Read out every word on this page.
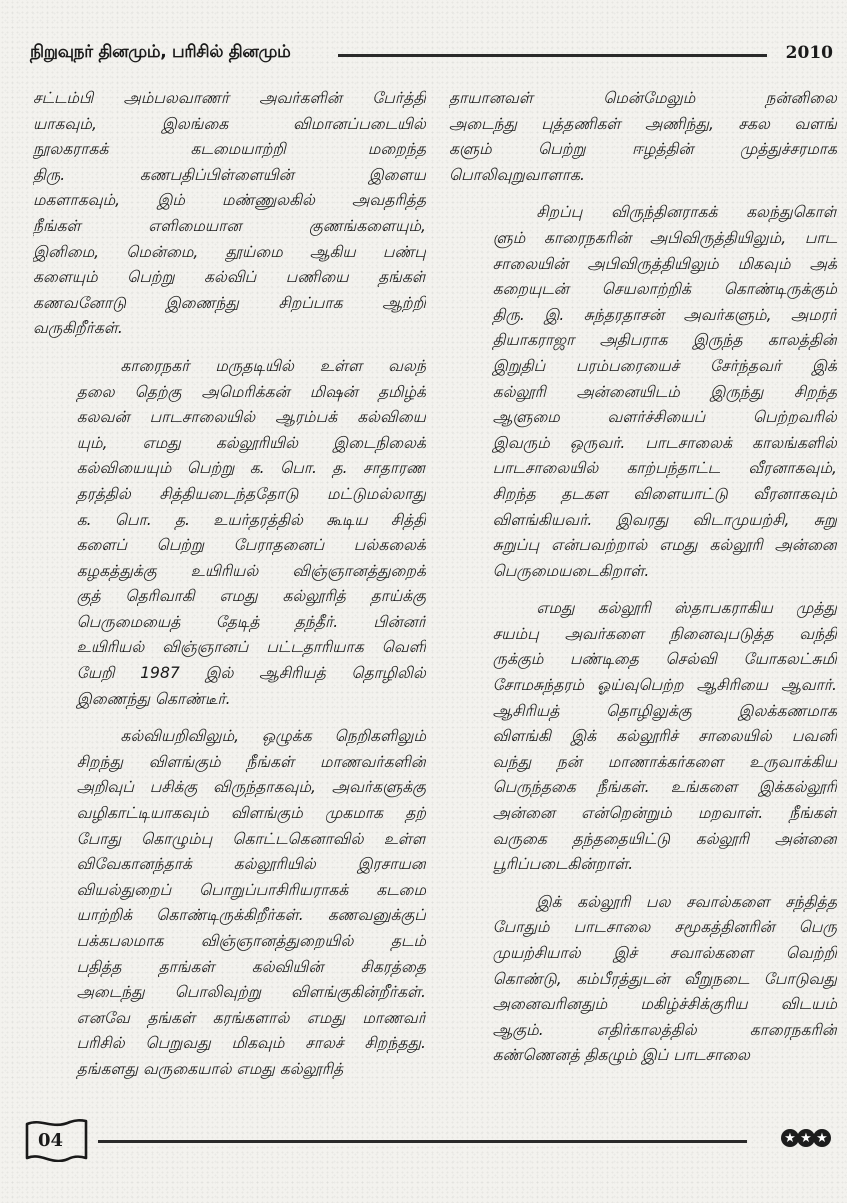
நிறுவுநர் தினமும், பரிசில் தினமும்	2010
சட்டம்பி அம்பலவாணர் அவர்களின் பேர்த்தி
யாகவும், இலங்கை விமானப்படையில்
நூலகராகக் கடமையாற்றி மறைந்த
திரு. கணபதிப்பிள்ளையின் இளைய
மகளாகவும், இம் மண்ணுலகில் அவதரித்த
நீங்கள் எளிமையான குணங்களையும்,
இனிமை, மென்மை, தூய்மை ஆகிய பண்பு
களையும் பெற்று கல்விப் பணியை தங்கள்
கணவனோடு இணைந்து சிறப்பாக ஆற்றி
வருகிறீர்கள்.
காரைநகர் மருதடியில் உள்ள வலந்
தலை தெற்கு அமெரிக்கன் மிஷன் தமிழ்க்
கலவன் பாடசாலையில் ஆரம்பக் கல்வியை
யும், எமது கல்லூரியில் இடைநிலைக்
கல்வியையும் பெற்று க. பொ. த. சாதாரண
தரத்தில் சித்தியடைந்ததோடு மட்டுமல்லாது
க. பொ. த. உயர்தரத்தில் கூடிய சித்தி
களைப் பெற்று பேராதனைப் பல்கலைக்
கழகத்துக்கு உயிரியல் விஞ்ஞானத்துறைக்
குத் தெரிவாகி எமது கல்லூரித் தாய்க்கு
பெருமையைத் தேடித் தந்தீர். பின்னர்
உயிரியல் விஞ்ஞானப் பட்டதாரியாக வெளி
யேறி 1987 இல் ஆசிரியத் தொழிலில்
இணைந்து கொண்டீர்.
கல்வியறிவிலும், ஒழுக்க நெறிகளிலும்
சிறந்து விளங்கும் நீங்கள் மாணவர்களின்
அறிவுப் பசிக்கு விருந்தாகவும், அவர்களுக்கு
வழிகாட்டியாகவும் விளங்கும் முகமாக தற்
போது கொழும்பு கொட்டகெனாவில் உள்ள
விவேகானந்தாக் கல்லூரியில் இரசாயன
வியல்துறைப் பொறுப்பாசிரியராகக் கடமை
யாற்றிக் கொண்டிருக்கிறீர்கள். கணவனுக்குப்
பக்கபலமாக விஞ்ஞானத்துறையில் தடம்
பதித்த தாங்கள் கல்வியின் சிகரத்தை
அடைந்து பொலிவுற்று விளங்குகின்றீர்கள்.
எனவே தங்கள் கரங்களால் எமது மாணவர்
பரிசில் பெறுவது மிகவும் சாலச் சிறந்தது.
தங்களது வருகையால் எமது கல்லூரித்
தாயானவள் மென்மேலும் நன்னிலை
அடைந்து புத்தணிகள் அணிந்து, சகல வளங்
களும் பெற்று ஈழத்தின் முத்துச்சரமாக
பொலிவுறுவாளாக.
சிறப்பு விருந்தினராகக் கலந்துகொள்
ளும் காரைநகரின் அபிவிருத்தியிலும், பாட
சாலையின் அபிவிருத்தியிலும் மிகவும் அக்
கறையுடன் செயலாற்றிக் கொண்டிருக்கும்
திரு. இ. சுந்தரதாசன் அவர்களும், அமரர்
தியாகராஜா அதிபராக இருந்த காலத்தின்
இறுதிப் பரம்பரையைச் சேர்ந்தவர் இக்
கல்லூரி அன்னையிடம் இருந்து சிறந்த
ஆளுமை வளர்ச்சியைப் பெற்றவரில்
இவரும் ஒருவர். பாடசாலைக் காலங்களில்
பாடசாலையில் காற்பந்தாட்ட வீரனாகவும்,
சிறந்த தடகள விளையாட்டு வீரனாகவும்
விளங்கியவர். இவரது விடாமுயற்சி, சுறு
சுறுப்பு என்பவற்றால் எமது கல்லூரி அன்னை
பெருமையடைகிறாள்.
எமது கல்லூரி ஸ்தாபகராகிய முத்து
சயம்பு அவர்களை நினைவுபடுத்த வந்தி
ருக்கும் பண்டிதை செல்வி யோகலட்சுமி
சோமசுந்தரம் ஓய்வுபெற்ற ஆசிரியை ஆவார்.
ஆசிரியத் தொழிலுக்கு இலக்கணமாக
விளங்கி இக் கல்லூரிச் சாலையில் பவனி
வந்து நன் மாணாக்கர்களை உருவாக்கிய
பெருந்தகை நீங்கள். உங்களை இக்கல்லூரி
அன்னை என்றென்றும் மறவாள். நீங்கள்
வருகை தந்ததையிட்டு கல்லூரி அன்னை
பூரிப்படைகின்றாள்.
இக் கல்லூரி பல சவால்களை சந்தித்த
போதும் பாடசாலை சமூகத்தினரின் பெரு
முயற்சியால் இச் சவால்களை வெற்றி
கொண்டு, கம்பீரத்துடன் வீறுநடை போடுவது
அனைவரினதும் மகிழ்ச்சிக்குரிய விடயம்
ஆகும். எதிர்காலத்தில் காரைநகரின்
கண்ணெனத் திகழும் இப் பாடசாலை
04	★ ★ ★
